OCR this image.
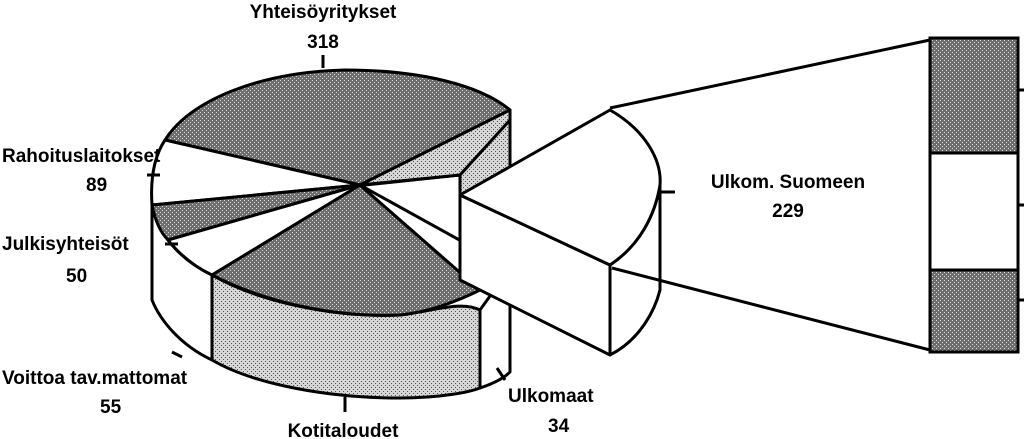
Yhteisöyritykset
318
Rahoituslaitokset
89
Julkisyhteisöt
50
Voittoa tav.mattomat
55
Kotitaloudet
Ulkomaat
34
Ulkom. Suomeen
229
